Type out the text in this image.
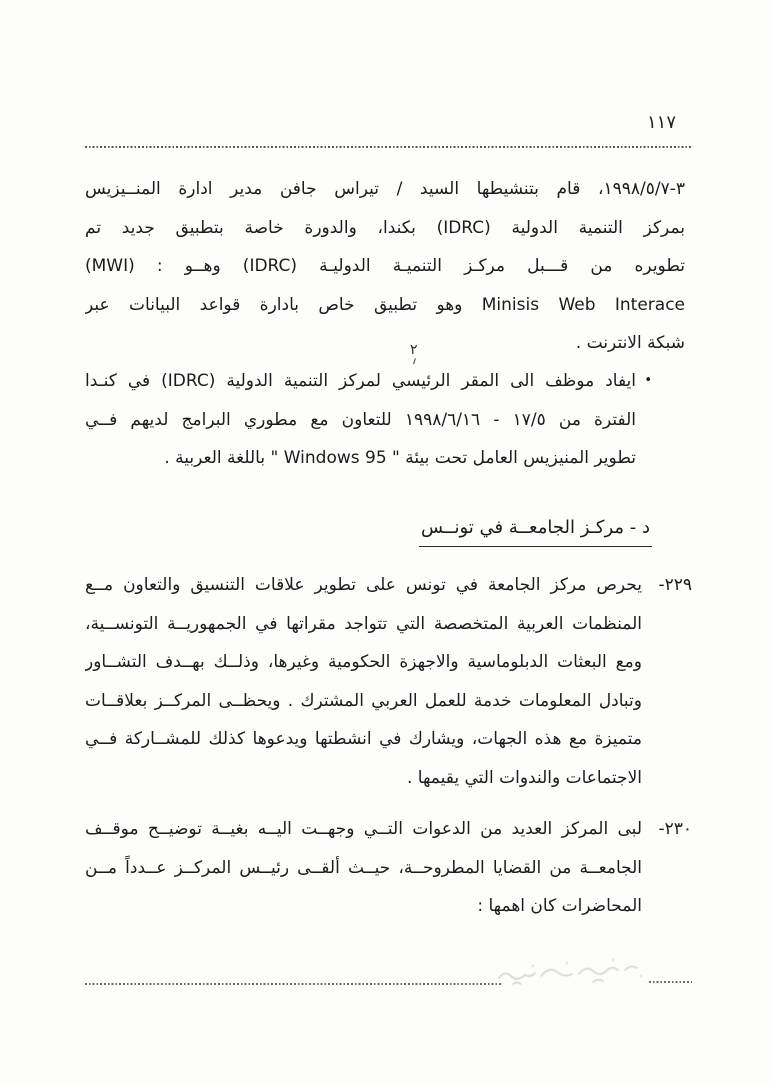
١١٧
٣-١٩٩٨/٥/٧، قام بتنشيطها السيد / تيراس جافن مدير ادارة المنــيزيس
بمركز التنمية الدولية (IDRC) بكندا، والدورة خاصة بتطبيق جديد تم
تطويره من قـــبل مركـز التنميـة الدوليـة (IDRC) وهــو : (MWI)
Minisis Web Interace وهو تطبيق خاص بادارة قواعد البيانات عبر
شبكة الانترنت .
٢
•
ايفاد موظف الى المقر الرئيسي لمركز التنمية الدولية (IDRC) في كنـدا
الفترة من ١٧/٥ - ١٩٩٨/٦/١٦ للتعاون مع مطوري البرامج لديهم فــي
تطوير المنيزيس العامل تحت بيئة " Windows 95 " باللغة العربية .
د - مركـز الجامعــة في تونــس
٢٢٩-
يحرص مركز الجامعة في تونس على تطوير علاقات التنسيق والتعاون مــع
المنظمات العربية المتخصصة التي تتواجد مقراتها في الجمهوريــة التونســية،
ومع البعثات الدبلوماسية والاجهزة الحكومية وغيرها، وذلــك بهــدف التشــاور
وتبادل المعلومات خدمة للعمل العربي المشترك . ويحظــى المركــز بعلاقــات
متميزة مع هذه الجهات، ويشارك في انشطتها ويدعوها كذلك للمشــاركة فــي
الاجتماعات والندوات التي يقيمها .
٢٣٠-
لبى المركز العديد من الدعوات التــي وجهــت اليــه بغيــة توضيــح موقــف
الجامعــة من القضايا المطروحــة، حيــث ألقــى رئيــس المركــز عــدداً مــن
المحاضرات كان اهمها :
